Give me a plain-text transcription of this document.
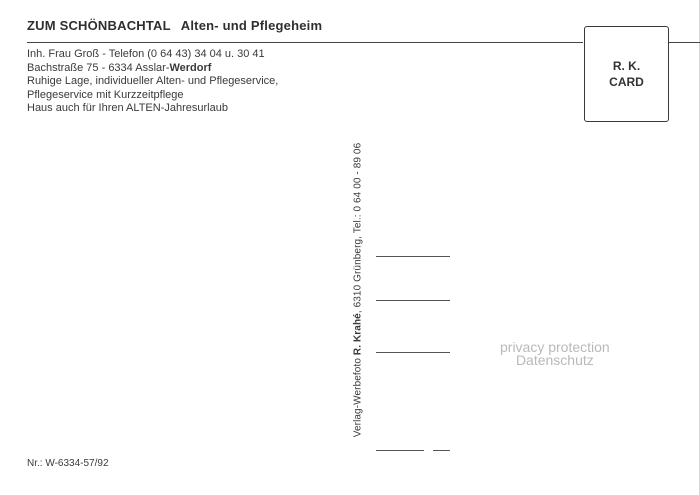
ZUM SCHÖNBACHTAL Alten- und Pflegeheim
Inh. Frau Groß - Telefon (0 64 43) 34 04 u. 30 41
Bachstraße 75 - 6334 Asslar-Werdorf
Ruhige Lage, individueller Alten- und Pflegeservice,
Pflegeservice mit Kurzzeitpflege
Haus auch für Ihren ALTEN-Jahresurlaub
R. K.
CARD
Verlag-Werbefoto R. Krahé, 6310 Grünberg, Tel.: 0 64 00 - 89 06
privacy protection
Datenschutz
Nr.: W-6334-57/92
